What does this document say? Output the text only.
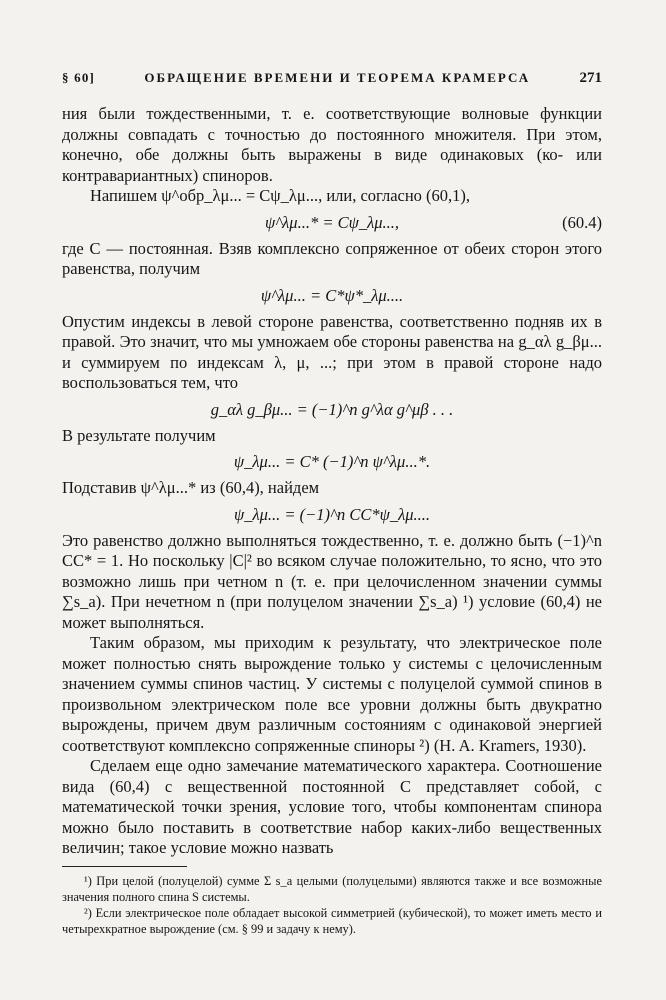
§ 60]	ОБРАЩЕНИЕ ВРЕМЕНИ И ТЕОРЕМА КРАМЕРСА	271

ния были тождественными, т. е. соответствующие волновые функции должны совпадать с точностью до постоянного множителя. При этом, конечно, обе должны быть выражены в виде одинаковых (ко- или контравариантных) спиноров.

Напишем ψ^обр_λμ... = Cψ_λμ..., или, согласно (60,1),

ψ^λμ...* = Cψ_λμ...,	(60.4)

где C — постоянная. Взяв комплексно сопряженное от обеих сторон этого равенства, получим

ψ^λμ... = C*ψ*_λμ....

Опустим индексы в левой стороне равенства, соответственно подняв их в правой. Это значит, что мы умножаем обе стороны равенства на g_αλ g_βμ... и суммируем по индексам λ, μ, ...; при этом в правой стороне надо воспользоваться тем, что

g_αλ g_βμ... = (−1)^n g^λα g^μβ . . .

В результате получим

ψ_λμ... = C* (−1)^n ψ^λμ...*.

Подставив ψ^λμ...* из (60,4), найдем

ψ_λμ... = (−1)^n CC*ψ_λμ....

Это равенство должно выполняться тождественно, т. е. должно быть (−1)^n CC* = 1. Но поскольку |C|² во всяком случае положительно, то ясно, что это возможно лишь при четном n (т. е. при целочисленном значении суммы ∑s_a). При нечетном n (при полуцелом значении ∑s_a) ¹) условие (60,4) не может выполняться.

Таким образом, мы приходим к результату, что электрическое поле может полностью снять вырождение только у системы с целочисленным значением суммы спинов частиц. У системы с полуцелой суммой спинов в произвольном электрическом поле все уровни должны быть двукратно вырождены, причем двум различным состояниям с одинаковой энергией соответствуют комплексно сопряженные спиноры ²) (H. A. Kramers, 1930).

Сделаем еще одно замечание математического характера. Соотношение вида (60,4) с вещественной постоянной C представляет собой, с математической точки зрения, условие того, чтобы компонентам спинора можно было поставить в соответствие набор каких-либо вещественных величин; такое условие можно назвать

¹) При целой (полуцелой) сумме Σ s_a целыми (полуцелыми) являются также и все возможные значения полного спина S системы.

²) Если электрическое поле обладает высокой симметрией (кубической), то может иметь место и четырехкратное вырождение (см. § 99 и задачу к нему).
